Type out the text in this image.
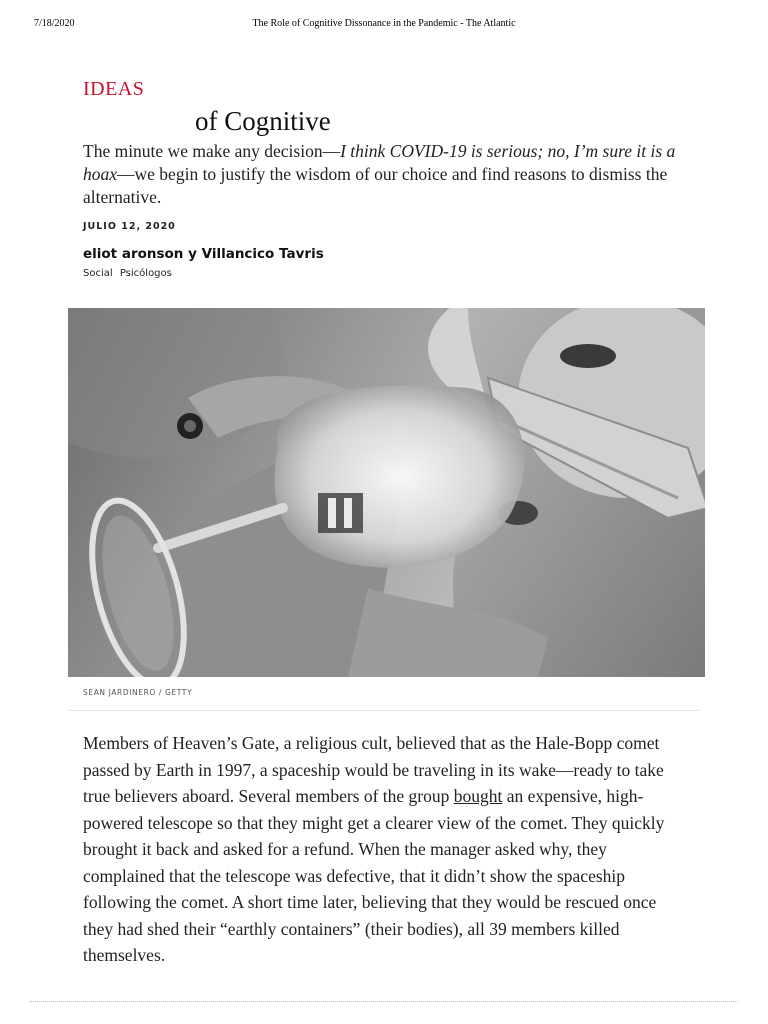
7/18/2020	The Role of Cognitive Dissonance in the Pandemic - The Atlantic
IDEAS
of Cognitive
The minute we make any decision—I think COVID-19 is serious; no, I’m sure it is a hoax—we begin to justify the wisdom of our choice and find reasons to dismiss the alternative.
JULIO 12, 2020
eliot aronson y Villancico Tavris
Social Psicólogos
SEAN JARDINERO / GETTY
Members of Heaven’s Gate, a religious cult, believed that as the Hale-Bopp comet passed by Earth in 1997, a spaceship would be traveling in its wake—ready to take true believers aboard. Several members of the group bought an expensive, high-powered telescope so that they might get a clearer view of the comet. They quickly brought it back and asked for a refund. When the manager asked why, they complained that the telescope was defective, that it didn’t show the spaceship following the comet. A short time later, believing that they would be rescued once they had shed their “earthly containers” (their bodies), all 39 members killed themselves.
